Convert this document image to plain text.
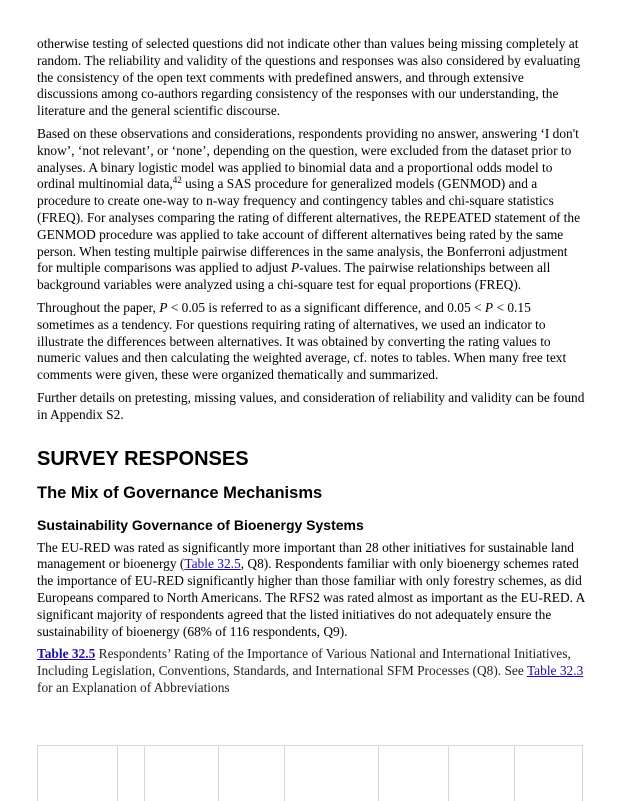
otherwise testing of selected questions did not indicate other than values being missing completely at random. The reliability and validity of the questions and responses was also considered by evaluating the consistency of the open text comments with predefined answers, and through extensive discussions among co-authors regarding consistency of the responses with our understanding, the literature and the general scientific discourse.

Based on these observations and considerations, respondents providing no answer, answering ‘I don't know’, ‘not relevant’, or ‘none’, depending on the question, were excluded from the dataset prior to analyses. A binary logistic model was applied to binomial data and a proportional odds model to ordinal multinomial data,$^{42}$ using a SAS procedure for generalized models (GENMOD) and a procedure to create one-way to n-way frequency and contingency tables and chi-square statistics (FREQ). For analyses comparing the rating of different alternatives, the REPEATED statement of the GENMOD procedure was applied to take account of different alternatives being rated by the same person. When testing multiple pairwise differences in the same analysis, the Bonferroni adjustment for multiple comparisons was applied to adjust P-values. The pairwise relationships between all background variables were analyzed using a chi-square test for equal proportions (FREQ).

Throughout the paper, P < 0.05 is referred to as a significant difference, and 0.05 < P < 0.15 sometimes as a tendency. For questions requiring rating of alternatives, we used an indicator to illustrate the differences between alternatives. It was obtained by converting the rating values to numeric values and then calculating the weighted average, cf. notes to tables. When many free text comments were given, these were organized thematically and summarized.

Further details on pretesting, missing values, and consideration of reliability and validity can be found in Appendix S2.

SURVEY RESPONSES
The Mix of Governance Mechanisms
Sustainability Governance of Bioenergy Systems

The EU-RED was rated as significantly more important than 28 other initiatives for sustainable land management or bioenergy (Table 32.5, Q8). Respondents familiar with only bioenergy schemes rated the importance of EU-RED significantly higher than those familiar with only forestry schemes, as did Europeans compared to North Americans. The RFS2 was rated almost as important as the EU-RED. A significant majority of respondents agreed that the listed initiatives do not adequately ensure the sustainability of bioenergy (68% of 116 respondents, Q9).

Table 32.5 Respondents’ Rating of the Importance of Various National and International Initiatives, Including Legislation, Conventions, Standards, and International SFM Processes (Q8). See Table 32.3 for an Explanation of Abbreviations
